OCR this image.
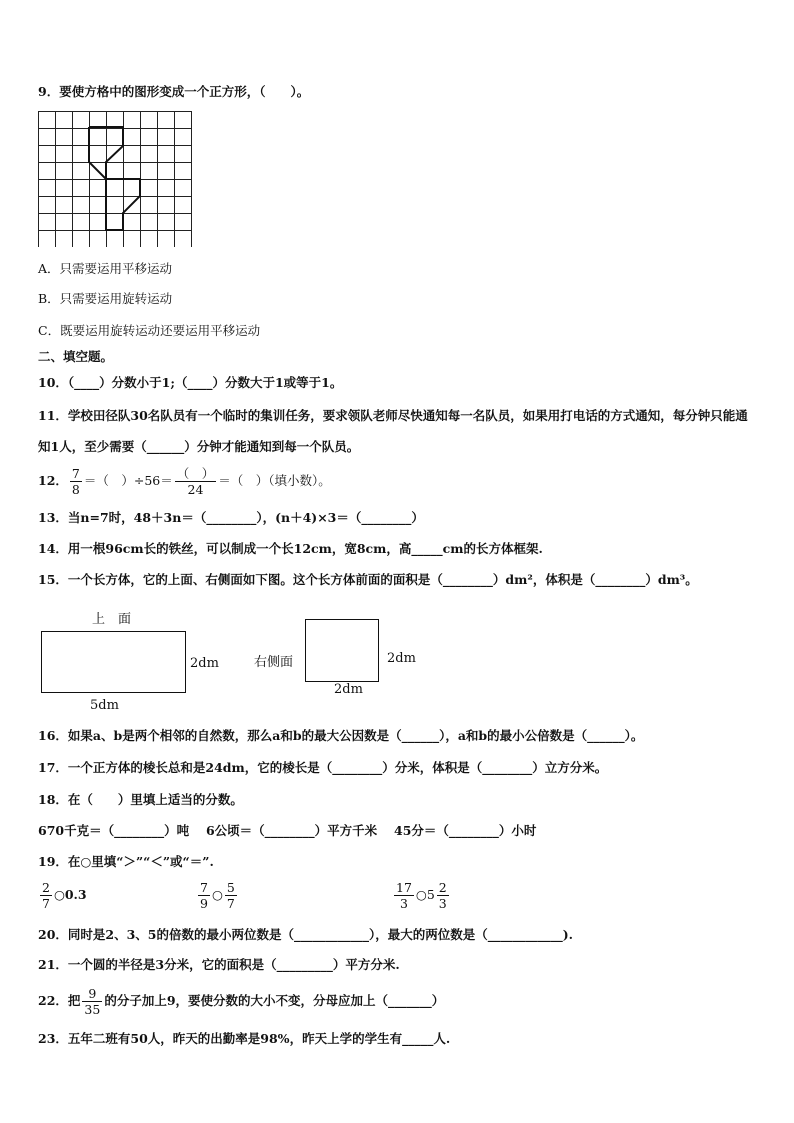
9．要使方格中的图形变成一个正方形，（　　）。
A．只需要运用平移运动
B．只需要运用旋转运动
C．既要运用旋转运动还要运用平移运动
二、填空题。
10．（____）分数小于1;（____）分数大于1或等于1。
11．学校田径队30名队员有一个临时的集训任务，要求领队老师尽快通知每一名队员，如果用打电话的方式通知，每分钟只能通知1人，至少需要（______）分钟才能通知到每一个队员。
12． $\frac{7}{8}$ ＝（　）$\div 56= \frac{( )}{24}$ ＝（　）（填小数）。
13．当n=7时，48＋3n＝（________），(n＋4)×3＝（________）
14．用一根96cm长的铁丝，可以制成一个长12cm，宽8cm，高_____cm的长方体框架.
15．一个长方体，它的上面、右侧面如下图。这个长方体前面的面积是（________）dm²，体积是（________）dm³。
上　面
2dm
5dm
右侧面	2dm
2dm
16．如果a、b是两个相邻的自然数，那么a和b的最大公因数是（______），a和b的最小公倍数是（______）。
17．一个正方体的棱长总和是24dm，它的棱长是（________）分米，体积是（________）立方分米。
18．在（　　）里填上适当的分数。
670千克＝（________）吨　 6公顷＝（________）平方千米　 45分＝（________）小时
19．在○里填“＞”“＜”或“＝”.
$\frac{2}{7}$ ○0.3	$\frac{7}{9}$ ○ $\frac{5}{7}$	$\frac{17}{3}$ ○5 $\frac{2}{3}$
20．同时是2、3、5的倍数的最小两位数是（____________），最大的两位数是（____________).
21．一个圆的半径是3分米，它的面积是（_________）平方分米.
22．把 $\frac{9}{35}$ 的分子加上9，要使分数的大小不变，分母应加上（_______）
23．五年二班有50人，昨天的出勤率是98%，昨天上学的学生有_____人.
